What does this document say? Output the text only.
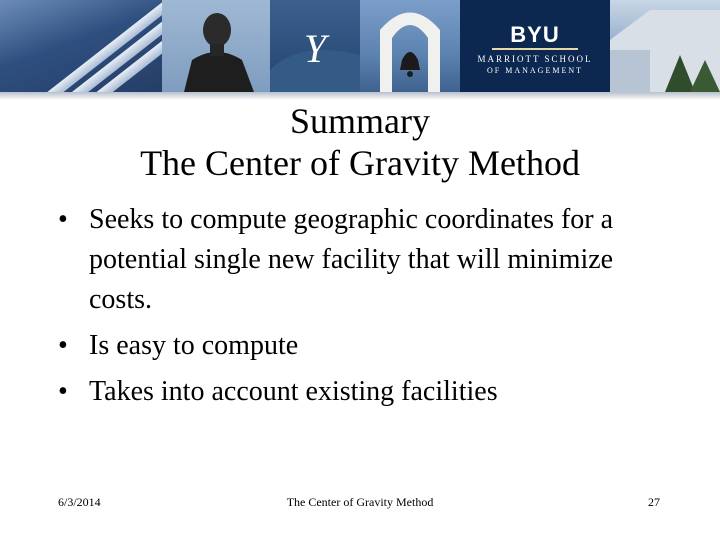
Y	BYU
MARRIOTT SCHOOL
OF MANAGEMENT
Summary
The Center of Gravity Method
• Seeks to compute geographic coordinates for a potential single new facility that will minimize costs.
• Is easy to compute
• Takes into account existing facilities
6/3/2014	The Center of Gravity Method	27
